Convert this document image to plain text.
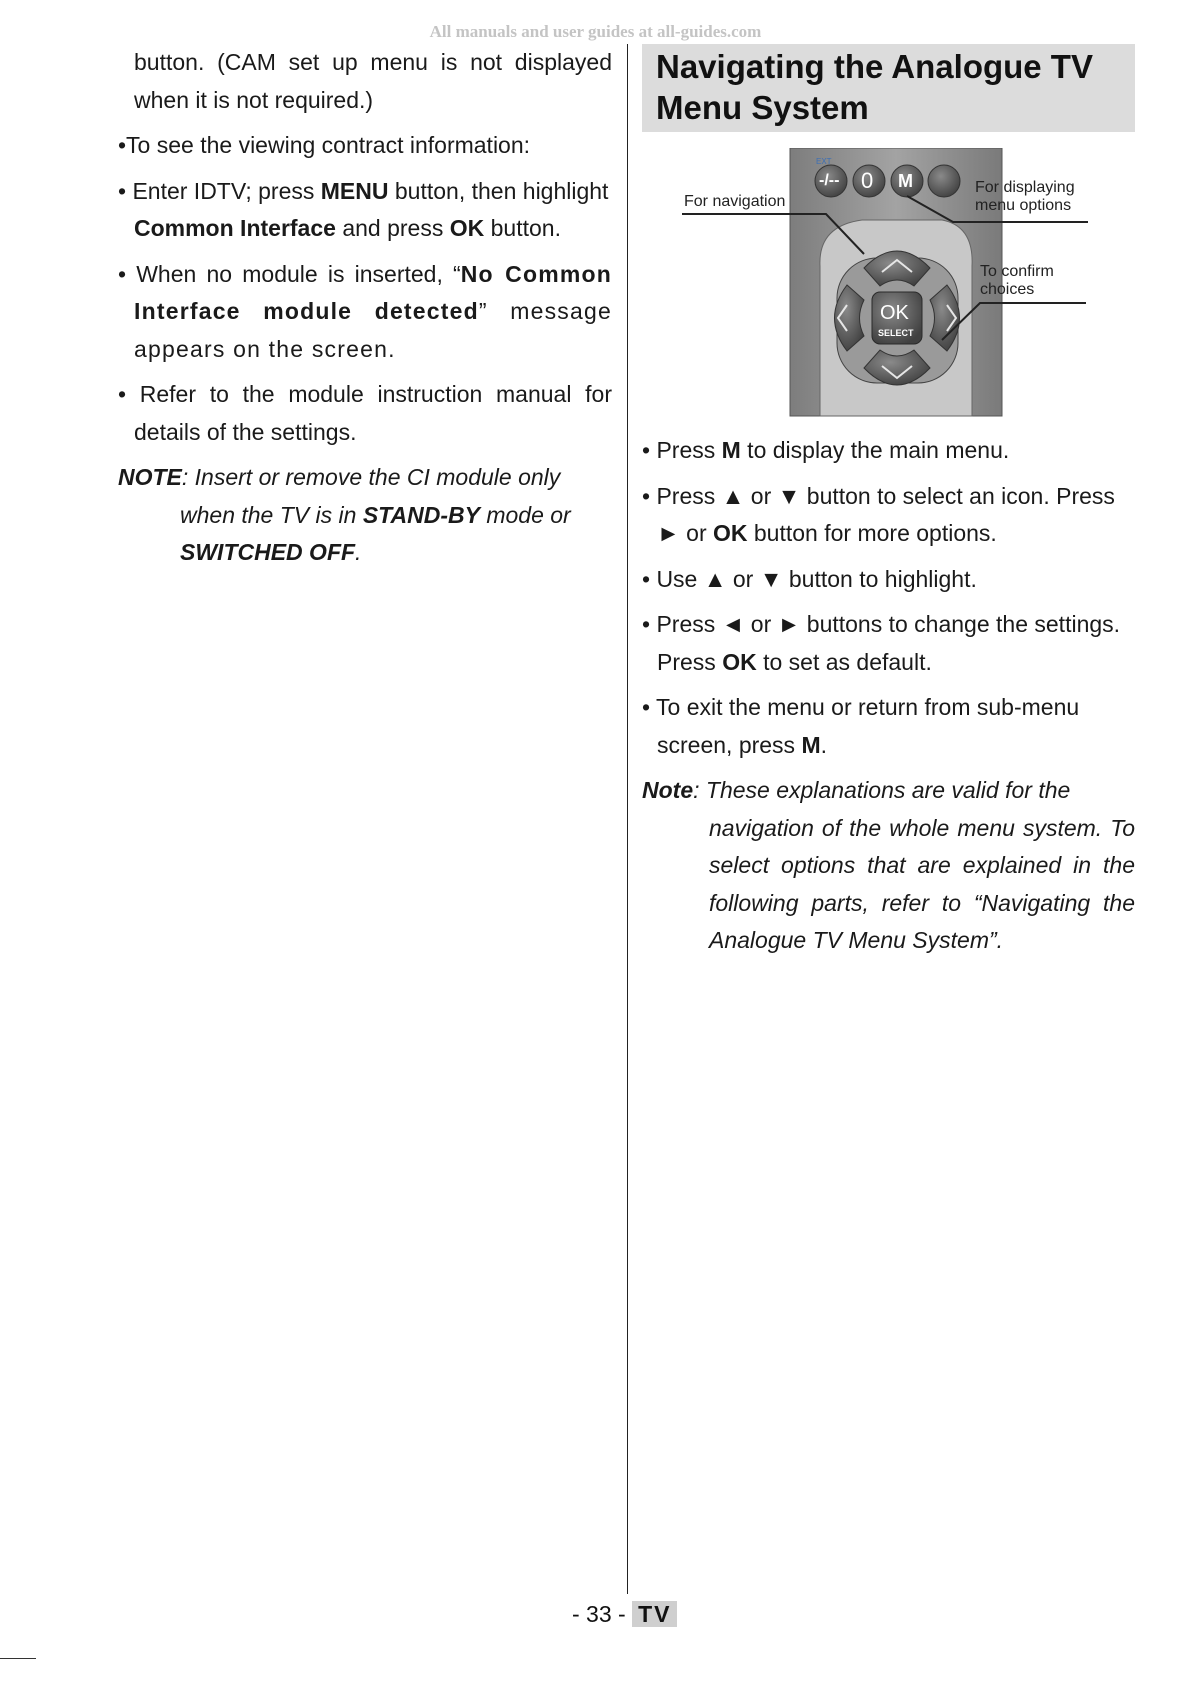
All manuals and user guides at all-guides.com

button. (CAM set up menu is not displayed when it is not required.)

•To see the viewing contract information:

• Enter IDTV; press MENU button, then highlight
Common Interface and press OK button.

• When no module is inserted, “No Common Interface module detected” message appears on the screen.

• Refer to the module instruction manual for details of the settings.

NOTE: Insert or remove the CI module only
when the TV is in STAND-BY mode or
SWITCHED OFF.

Navigating the Analogue TV Menu System
EXT
-/-- 0 M
OK
SELECT
For navigation
For displaying menu options
To confirm choices

• Press M to display the main menu.

• Press ▲ or ▼ button to select an icon. Press
► or OK button for more options.

• Use ▲ or ▼ button to highlight.

• Press ◄ or ► buttons to change the settings.
Press OK to set as default.

• To exit the menu or return from sub-menu
screen, press M.

Note: These explanations are valid for the
navigation of the whole menu system. To select options that are explained in the following parts, refer to “Navigating the Analogue TV Menu System”.

- 33 - TV
